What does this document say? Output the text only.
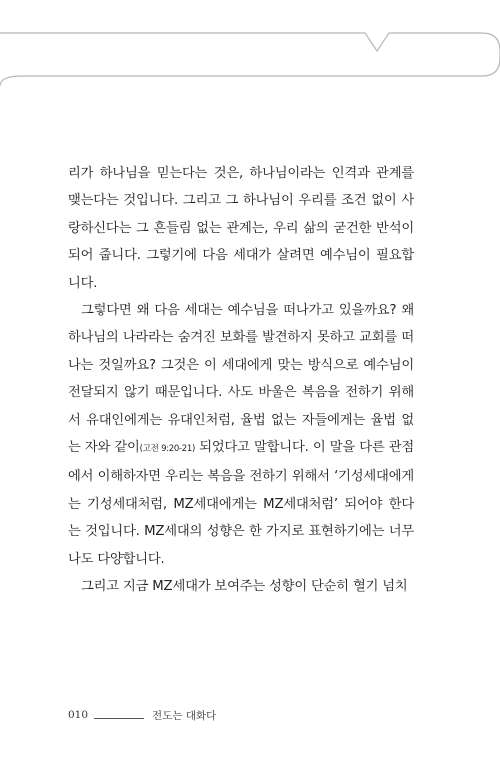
리가 하나님을 믿는다는 것은, 하나님이라는 인격과 관계를 맺는다는 것입니다. 그리고 그 하나님이 우리를 조건 없이 사랑하신다는 그 흔들림 없는 관계는, 우리 삶의 굳건한 반석이 되어 줍니다. 그렇기에 다음 세대가 살려면 예수님이 필요합니다.

그렇다면 왜 다음 세대는 예수님을 떠나가고 있을까요? 왜 하나님의 나라라는 숨겨진 보화를 발견하지 못하고 교회를 떠나는 것일까요? 그것은 이 세대에게 맞는 방식으로 예수님이 전달되지 않기 때문입니다. 사도 바울은 복음을 전하기 위해서 유대인에게는 유대인처럼, 율법 없는 자들에게는 율법 없는 자와 같이(고전 9:20-21) 되었다고 말합니다. 이 말을 다른 관점에서 이해하자면 우리는 복음을 전하기 위해서 ‘기성세대에게는 기성세대처럼, MZ세대에게는 MZ세대처럼’ 되어야 한다는 것입니다. MZ세대의 성향은 한 가지로 표현하기에는 너무나도 다양합니다.

그리고 지금 MZ세대가 보여주는 성향이 단순히 혈기 넘치

010	전도는 대화다
